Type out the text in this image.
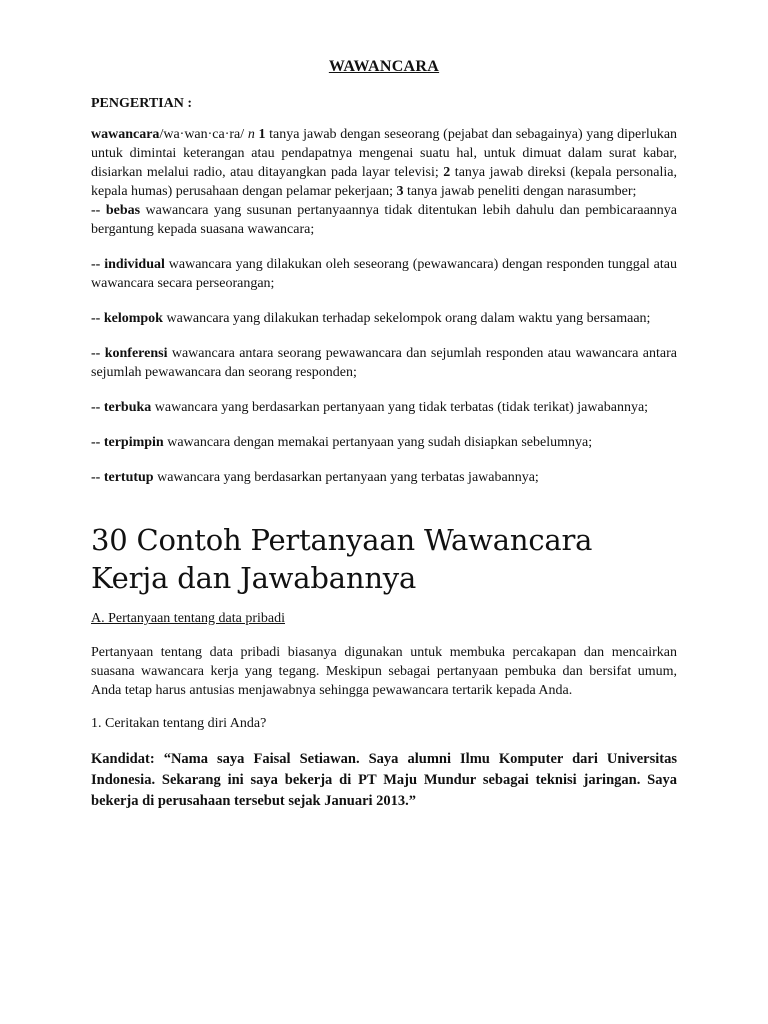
WAWANCARA
PENGERTIAN :

wawancara/wa·wan·ca·ra/ n 1 tanya jawab dengan seseorang (pejabat dan sebagainya) yang diperlukan untuk dimintai keterangan atau pendapatnya mengenai suatu hal, untuk dimuat dalam surat kabar, disiarkan melalui radio, atau ditayangkan pada layar televisi; 2 tanya jawab direksi (kepala personalia, kepala humas) perusahaan dengan pelamar pekerjaan; 3 tanya jawab peneliti dengan narasumber;

-- bebas wawancara yang susunan pertanyaannya tidak ditentukan lebih dahulu dan pembicaraannya bergantung kepada suasana wawancara;

-- individual wawancara yang dilakukan oleh seseorang (pewawancara) dengan responden tunggal atau wawancara secara perseorangan;

-- kelompok wawancara yang dilakukan terhadap sekelompok orang dalam waktu yang bersamaan;

-- konferensi wawancara antara seorang pewawancara dan sejumlah responden atau wawancara antara sejumlah pewawancara dan seorang responden;

-- terbuka wawancara yang berdasarkan pertanyaan yang tidak terbatas (tidak terikat) jawabannya;

-- terpimpin wawancara dengan memakai pertanyaan yang sudah disiapkan sebelumnya;

-- tertutup wawancara yang berdasarkan pertanyaan yang terbatas jawabannya;

30 Contoh Pertanyaan Wawancara Kerja dan Jawabannya
A. Pertanyaan tentang data pribadi

Pertanyaan tentang data pribadi biasanya digunakan untuk membuka percakapan dan mencairkan suasana wawancara kerja yang tegang. Meskipun sebagai pertanyaan pembuka dan bersifat umum, Anda tetap harus antusias menjawabnya sehingga pewawancara tertarik kepada Anda.

1. Ceritakan tentang diri Anda?

Kandidat: “Nama saya Faisal Setiawan. Saya alumni Ilmu Komputer dari Universitas Indonesia. Sekarang ini saya bekerja di PT Maju Mundur sebagai teknisi jaringan. Saya bekerja di perusahaan tersebut sejak Januari 2013.”
